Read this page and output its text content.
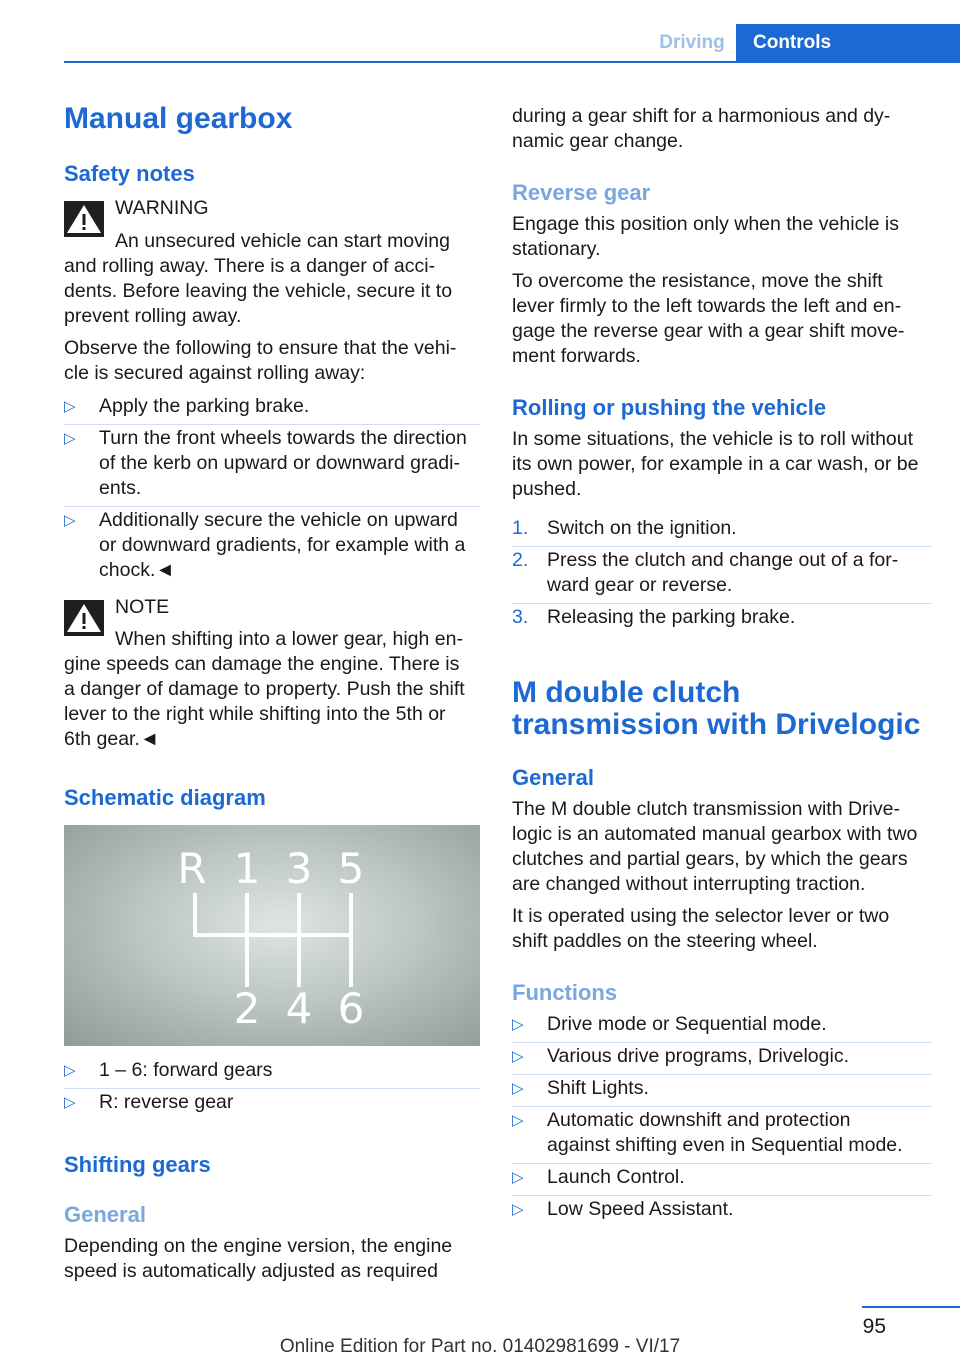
Driving	Controls
Manual gearbox
Safety notes
WARNING
An unsecured vehicle can start moving
and rolling away. There is a danger of acci-
dents. Before leaving the vehicle, secure it to
prevent rolling away.
Observe the following to ensure that the vehi-
cle is secured against rolling away:
▷ Apply the parking brake.
▷ Turn the front wheels towards the direction
of the kerb on upward or downward gradi-
ents.
▷ Additionally secure the vehicle on upward
or downward gradients, for example with a
chock.◄
NOTE
When shifting into a lower gear, high en-
gine speeds can damage the engine. There is
a danger of damage to property. Push the shift
lever to the right while shifting into the 5th or
6th gear.◄
Schematic diagram
R 1 3 5
2 4 6
▷ 1 – 6: forward gears
▷ R: reverse gear
Shifting gears
General
Depending on the engine version, the engine
speed is automatically adjusted as required
during a gear shift for a harmonious and dy-
namic gear change.
Reverse gear
Engage this position only when the vehicle is
stationary.
To overcome the resistance, move the shift
lever firmly to the left towards the left and en-
gage the reverse gear with a gear shift move-
ment forwards.
Rolling or pushing the vehicle
In some situations, the vehicle is to roll without
its own power, for example in a car wash, or be
pushed.
1. Switch on the ignition.
2. Press the clutch and change out of a for-
ward gear or reverse.
3. Releasing the parking brake.
M double clutch
transmission with Drivelogic
General
The M double clutch transmission with Drive-
logic is an automated manual gearbox with two
clutches and partial gears, by which the gears
are changed without interrupting traction.
It is operated using the selector lever or two
shift paddles on the steering wheel.
Functions
▷ Drive mode or Sequential mode.
▷ Various drive programs, Drivelogic.
▷ Shift Lights.
▷ Automatic downshift and protection
against shifting even in Sequential mode.
▷ Launch Control.
▷ Low Speed Assistant.
95
Online Edition for Part no. 01402981699 - VI/17
